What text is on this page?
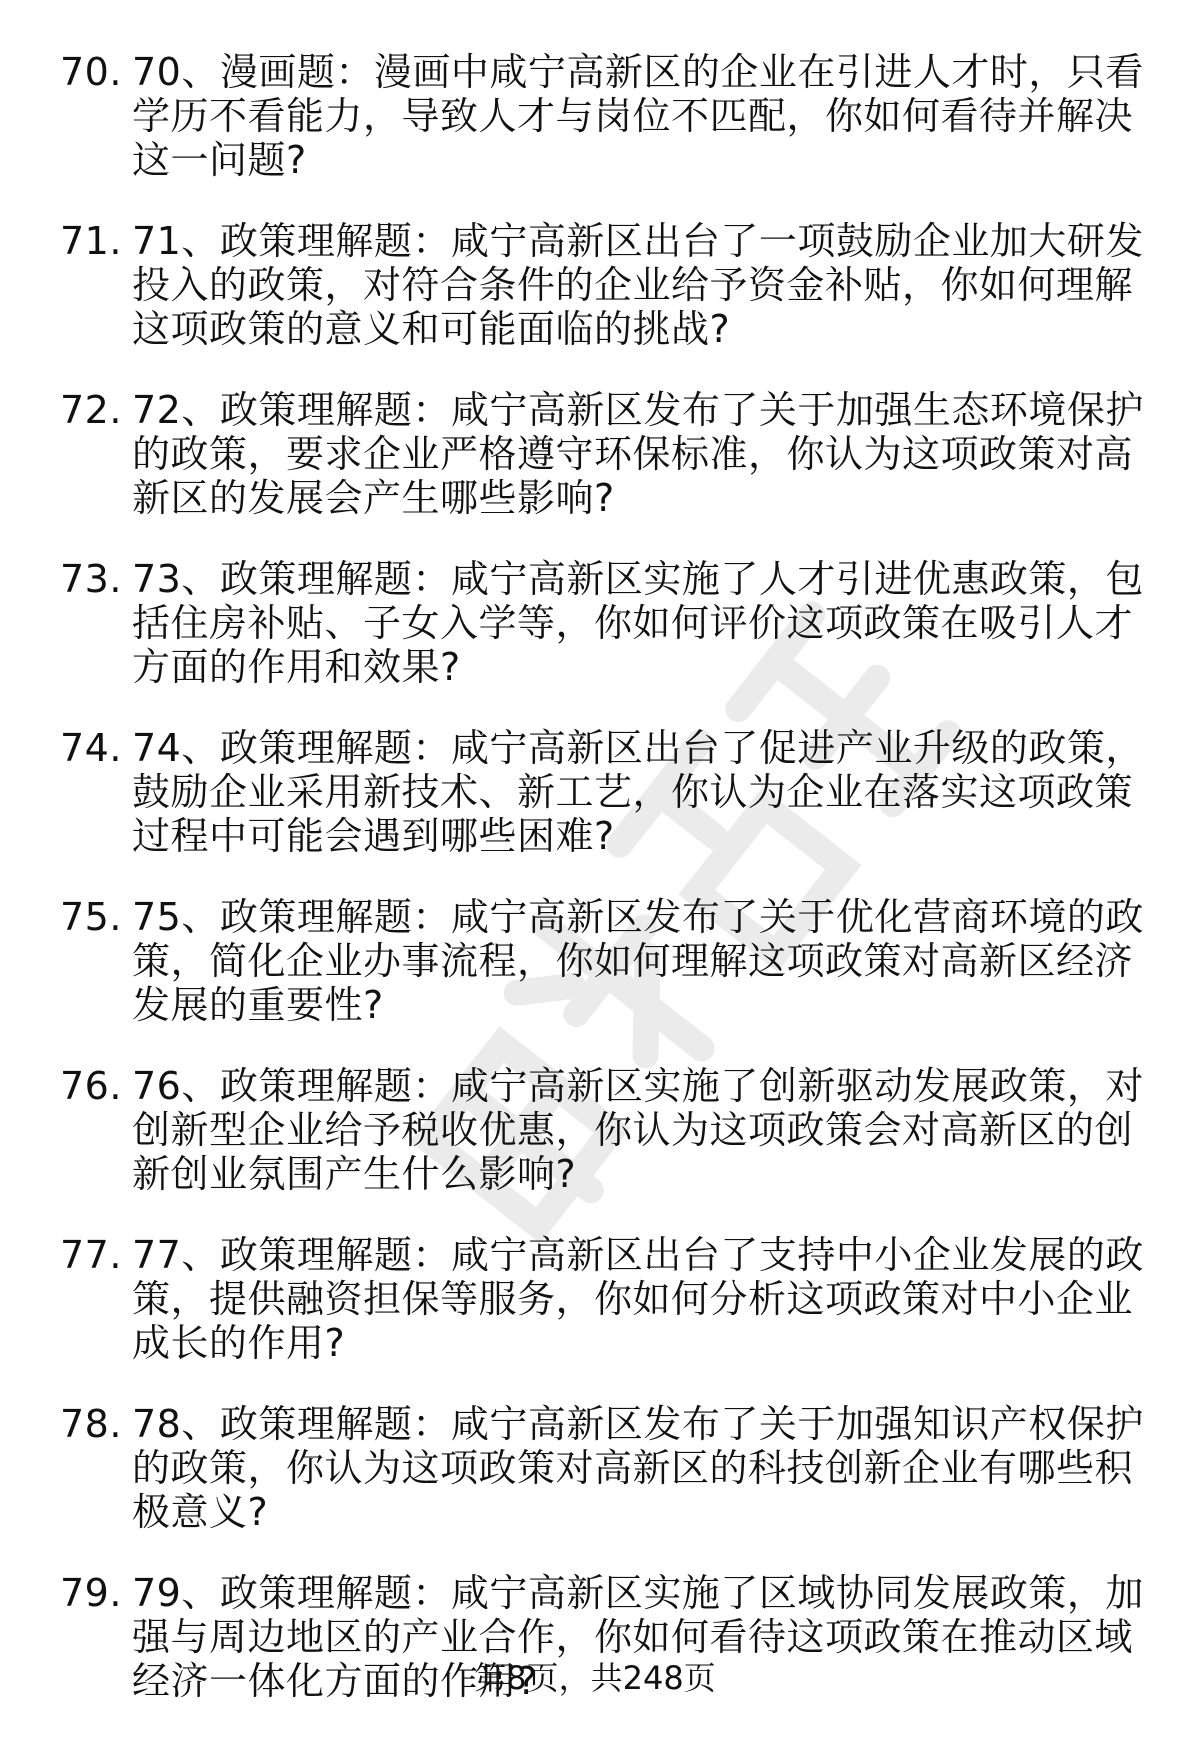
70. 70、漫画题：漫画中咸宁高新区的企业在引进人才时，只看学历不看能力，导致人才与岗位不匹配，你如何看待并解决这一问题?
71. 71、政策理解题：咸宁高新区出台了一项鼓励企业加大研发投入的政策，对符合条件的企业给予资金补贴，你如何理解这项政策的意义和可能面临的挑战?
72. 72、政策理解题：咸宁高新区发布了关于加强生态环境保护的政策，要求企业严格遵守环保标准，你认为这项政策对高新区的发展会产生哪些影响?
73. 73、政策理解题：咸宁高新区实施了人才引进优惠政策，包括住房补贴、子女入学等，你如何评价这项政策在吸引人才方面的作用和效果?
74. 74、政策理解题：咸宁高新区出台了促进产业升级的政策，鼓励企业采用新技术、新工艺，你认为企业在落实这项政策过程中可能会遇到哪些困难?
75. 75、政策理解题：咸宁高新区发布了关于优化营商环境的政策，简化企业办事流程，你如何理解这项政策对高新区经济发展的重要性?
76. 76、政策理解题：咸宁高新区实施了创新驱动发展政策，对创新型企业给予税收优惠，你认为这项政策会对高新区的创新创业氛围产生什么影响?
77. 77、政策理解题：咸宁高新区出台了支持中小企业发展的政策，提供融资担保等服务，你如何分析这项政策对中小企业成长的作用?
78. 78、政策理解题：咸宁高新区发布了关于加强知识产权保护的政策，你认为这项政策对高新区的科技创新企业有哪些积极意义?
79. 79、政策理解题：咸宁高新区实施了区域协同发展政策，加强与周边地区的产业合作，你如何看待这项政策在推动区域经济一体化方面的作用?
第8页，共248页
